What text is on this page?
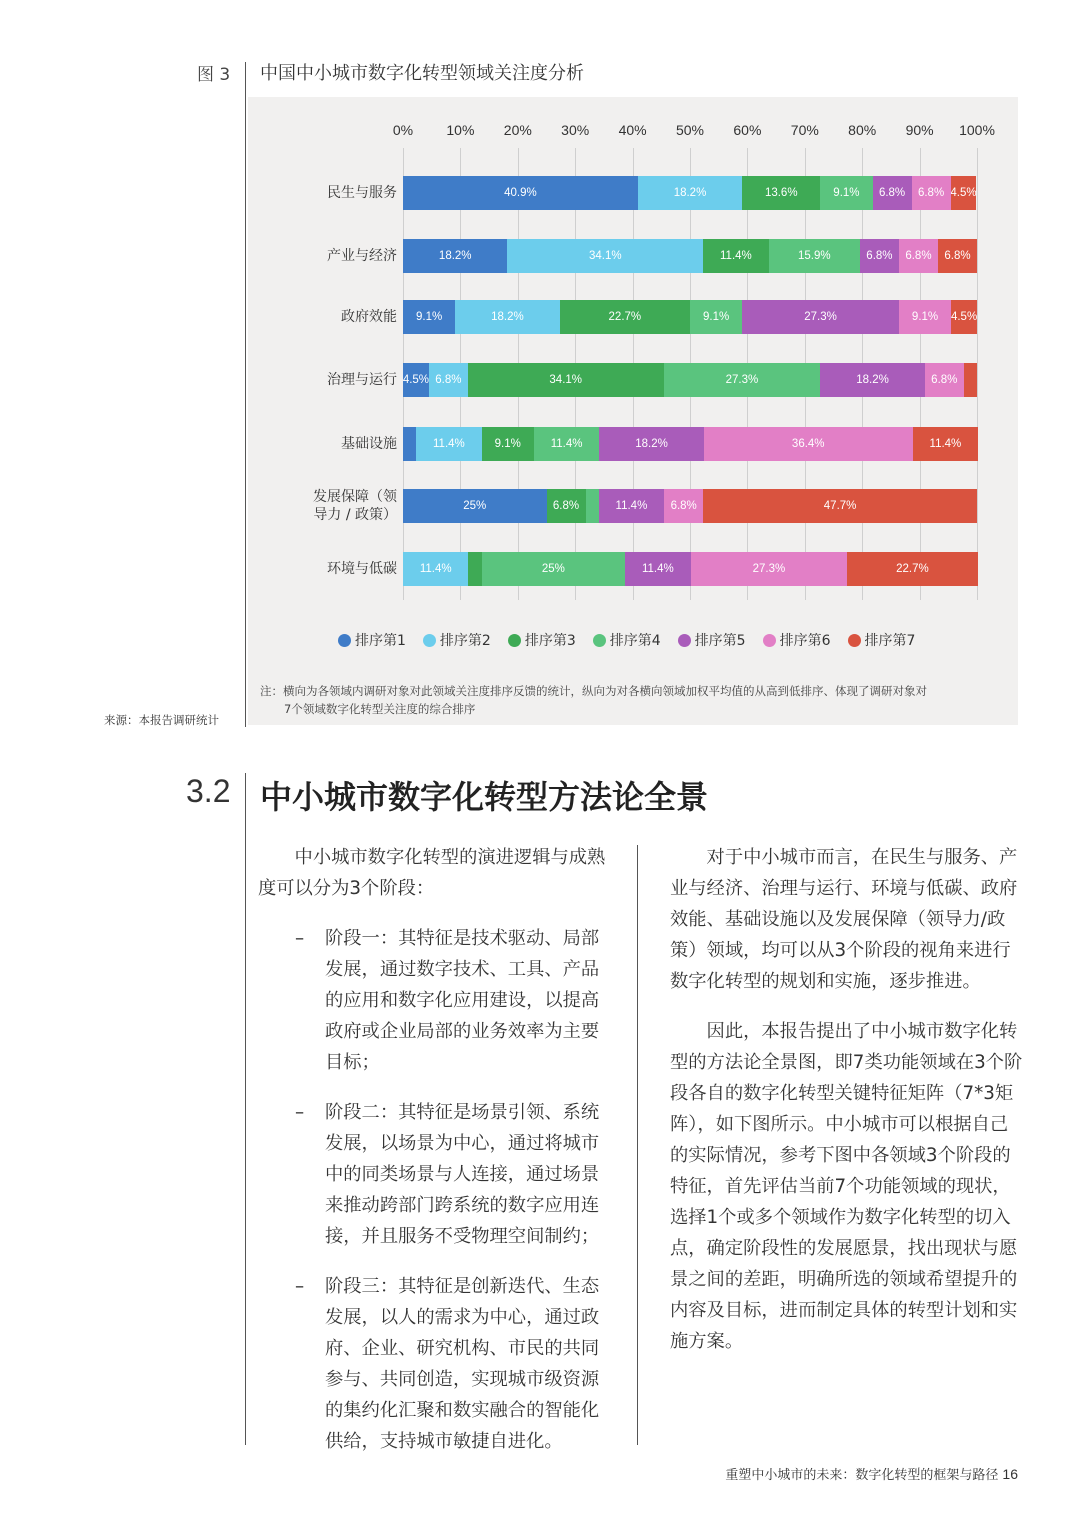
图 3 中国中小城市数字化转型领域关注度分析
排序第1 排序第2 排序第3 排序第4 排序第5 排序第6 排序第7
注：横向为各领域内调研对象对此领域关注度排序反馈的统计，纵向为对各横向领域加权平均值的从高到低排序、体现了调研对象对
7个领域数字化转型关注度的综合排序
来源：本报告调研统计
3.2 中小城市数字化转型方法论全景
　　中小城市数字化转型的演进逻辑与成熟
度可以分为3个阶段：
– 阶段一：其特征是技术驱动、局部
发展，通过数字技术、工具、产品
的应用和数字化应用建设，以提高
政府或企业局部的业务效率为主要
目标；
– 阶段二：其特征是场景引领、系统
发展，以场景为中心，通过将城市
中的同类场景与人连接，通过场景
来推动跨部门跨系统的数字应用连
接，并且服务不受物理空间制约；
– 阶段三：其特征是创新迭代、生态
发展，以人的需求为中心，通过政
府、企业、研究机构、市民的共同
参与、共同创造，实现城市级资源
的集约化汇聚和数实融合的智能化
供给，支持城市敏捷自进化。
　　对于中小城市而言，在民生与服务、产
业与经济、治理与运行、环境与低碳、政府
效能、基础设施以及发展保障（领导力/政
策）领域，均可以从3个阶段的视角来进行
数字化转型的规划和实施，逐步推进。
　　因此，本报告提出了中小城市数字化转
型的方法论全景图，即7类功能领域在3个阶
段各自的数字化转型关键特征矩阵（7*3矩
阵），如下图所示。中小城市可以根据自己
的实际情况，参考下图中各领域3个阶段的
特征，首先评估当前7个功能领域的现状，
选择1个或多个领域作为数字化转型的切入
点，确定阶段性的发展愿景，找出现状与愿
景之间的差距，明确所选的领域希望提升的
内容及目标，进而制定具体的转型计划和实
施方案。
重塑中小城市的未来：数字化转型的框架与路径 16
0% 10% 20% 30% 40% 50% 60% 70% 80% 90% 100%
民生与服务	40.9%	18.2%	13.6%	9.1%	6.8%	6.8% 4.5%
产业与经济	18.2%	34.1%	11.4%	15.9%	6.8%	6.8%	6.8%
政府效能	9.1%	18.2%	22.7%	9.1%	27.3%	9.1%	4.5%
治理与运行 4.5% 6.8%	34.1%	27.3%	18.2%	6.8%
基础设施	11.4%	9.1%	11.4%	18.2%	36.4%	11.4%
发展保障（领
导力 / 政策）
25%	6.8%	11.4%	6.8%	47.7%
环境与低碳	11.4%	25%	11.4%	27.3%	22.7%
